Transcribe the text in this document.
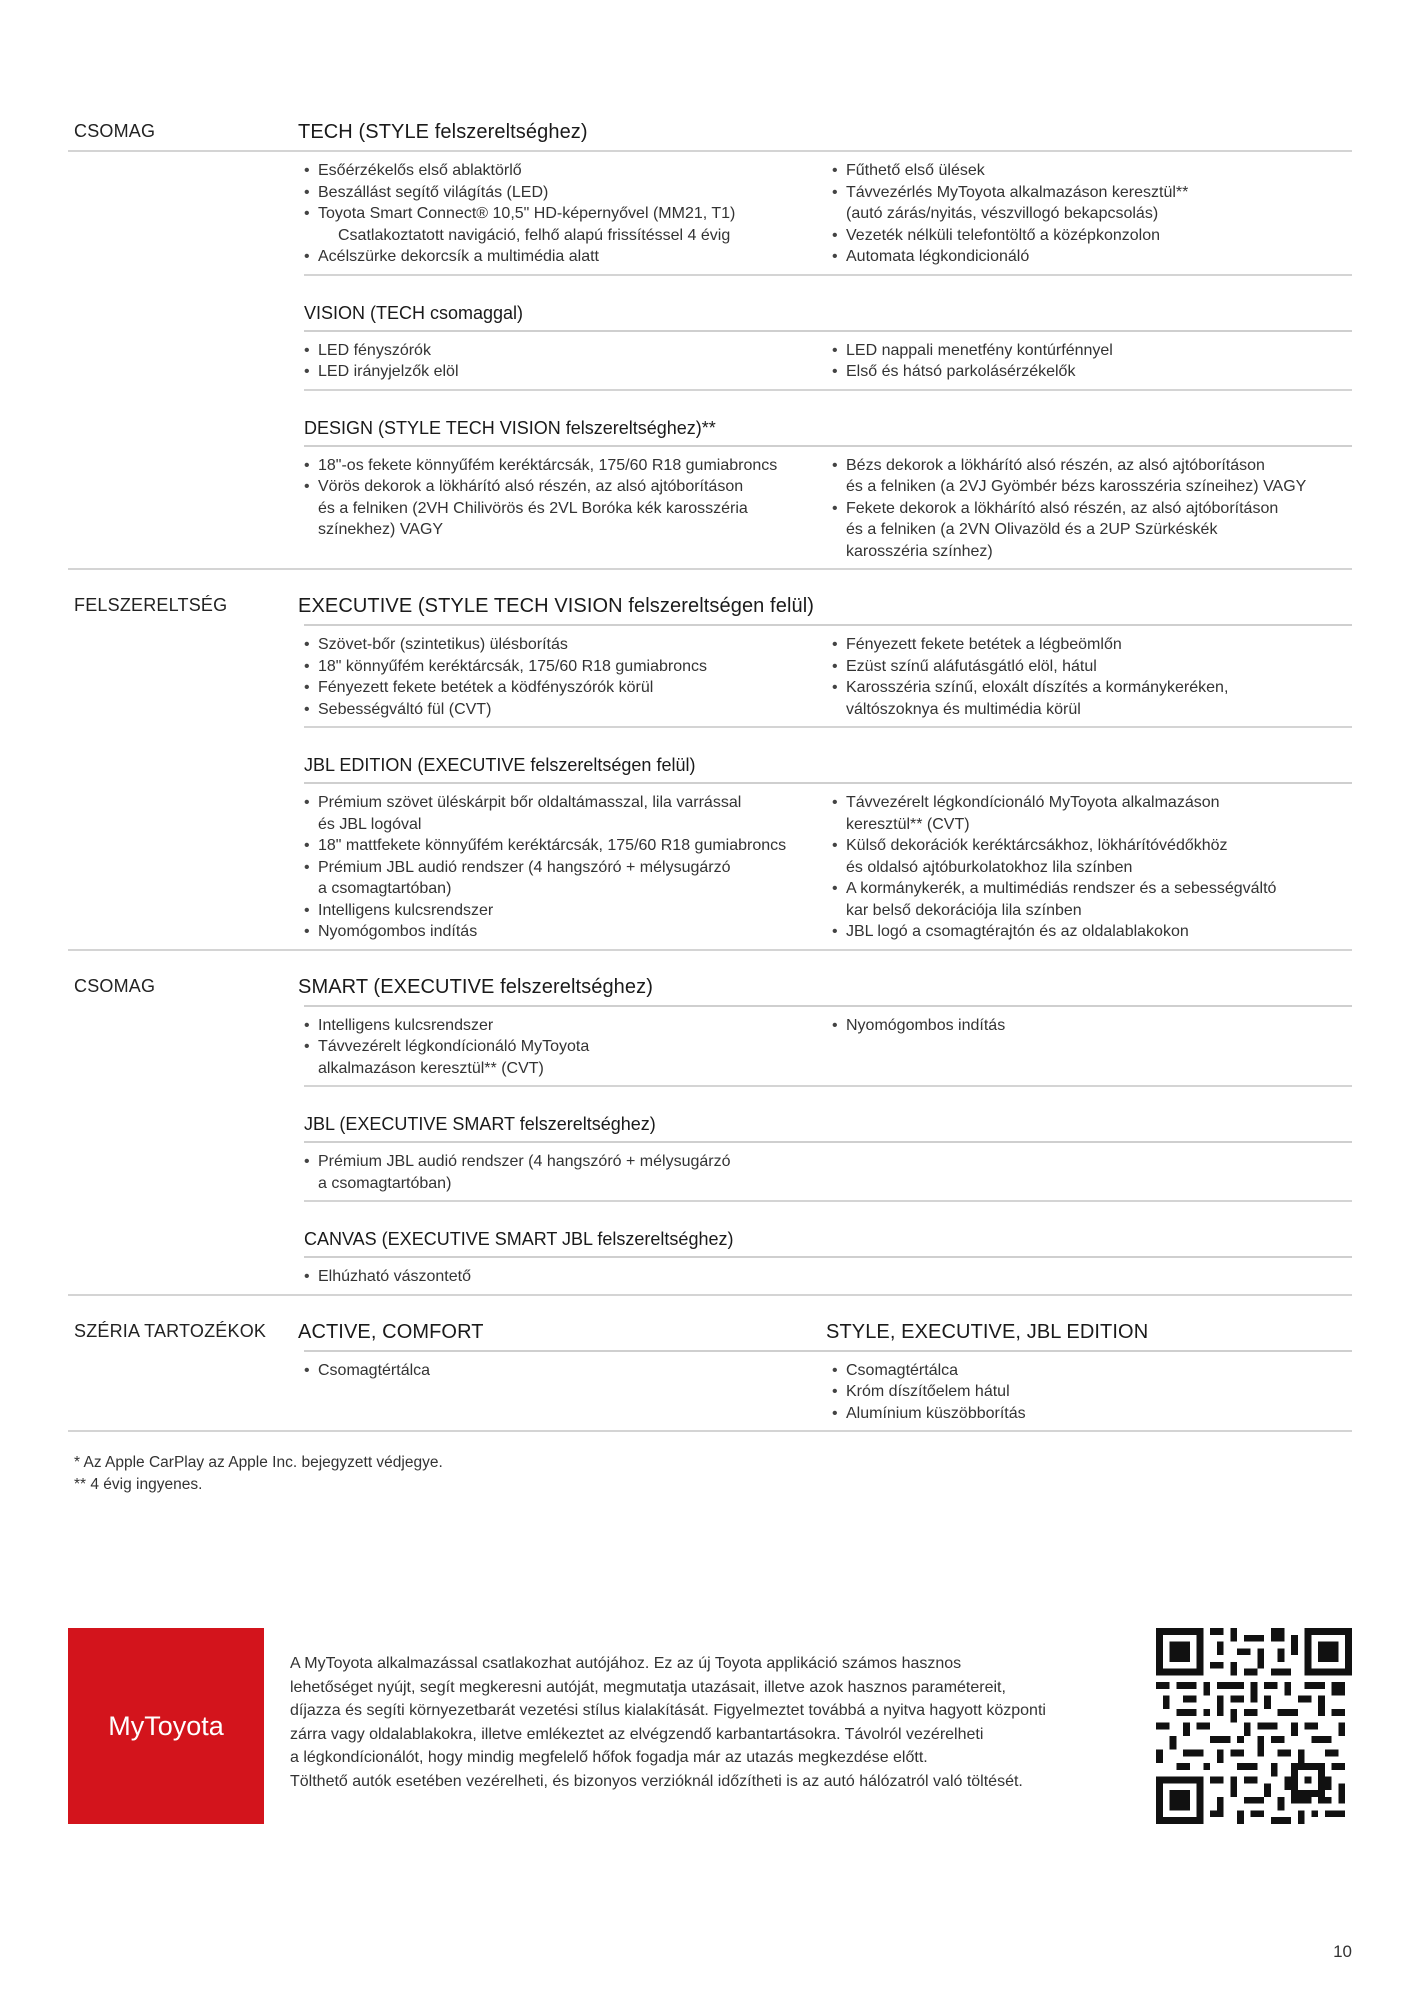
CSOMAG	TECH (STYLE felszereltséghez)
• Esőérzékelős első ablaktörlő
• Beszállást segítő világítás (LED)
• Toyota Smart Connect® 10,5" HD-képernyővel (MM21, T1)
Csatlakoztatott navigáció, felhő alapú frissítéssel 4 évig
• Acélszürke dekorcsík a multimédia alatt
• Fűthető első ülések
• Távvezérlés MyToyota alkalmazáson keresztül**
(autó zárás/nyitás, vészvillogó bekapcsolás)
• Vezeték nélküli telefontöltő a középkonzolon
• Automata légkondicionáló
VISION (TECH csomaggal)
• LED fényszórók
• LED irányjelzők elöl
• LED nappali menetfény kontúrfénnyel
• Első és hátsó parkolásérzékelők
DESIGN (STYLE TECH VISION felszereltséghez)**
• 18"-os fekete könnyűfém keréktárcsák, 175/60 R18 gumiabroncs
• Vörös dekorok a lökhárító alsó részén, az alsó ajtóborításon
és a felniken (2VH Chilivörös és 2VL Boróka kék karosszéria
színekhez) VAGY
• Bézs dekorok a lökhárító alsó részén, az alsó ajtóborításon
és a felniken (a 2VJ Gyömbér bézs karosszéria színeihez) VAGY
• Fekete dekorok a lökhárító alsó részén, az alsó ajtóborításon
és a felniken (a 2VN Olivazöld és a 2UP Szürkéskék
karosszéria színhez)
FELSZERELTSÉG	EXECUTIVE (STYLE TECH VISION felszereltségen felül)
• Szövet-bőr (szintetikus) ülésborítás
• 18" könnyűfém keréktárcsák, 175/60 R18 gumiabroncs
• Fényezett fekete betétek a ködfényszórók körül
• Sebességváltó fül (CVT)
• Fényezett fekete betétek a légbeömlőn
• Ezüst színű aláfutásgátló elöl, hátul
• Karosszéria színű, eloxált díszítés a kormánykeréken,
váltószoknya és multimédia körül
JBL EDITION (EXECUTIVE felszereltségen felül)
• Prémium szövet üléskárpit bőr oldaltámasszal, lila varrással
és JBL logóval
• 18" mattfekete könnyűfém keréktárcsák, 175/60 R18 gumiabroncs
• Prémium JBL audió rendszer (4 hangszóró + mélysugárzó
a csomagtartóban)
• Intelligens kulcsrendszer
• Nyomógombos indítás
• Távvezérelt légkondícionáló MyToyota alkalmazáson
keresztül** (CVT)
• Külső dekorációk keréktárcsákhoz, lökhárítóvédőkhöz
és oldalsó ajtóburkolatokhoz lila színben
• A kormánykerék, a multimédiás rendszer és a sebességváltó
kar belső dekorációja lila színben
• JBL logó a csomagtérajtón és az oldalablakokon
CSOMAG	SMART (EXECUTIVE felszereltséghez)
• Intelligens kulcsrendszer
• Távvezérelt légkondícionáló MyToyota
alkalmazáson keresztül** (CVT)
• Nyomógombos indítás
JBL (EXECUTIVE SMART felszereltséghez)
• Prémium JBL audió rendszer (4 hangszóró + mélysugárzó
a csomagtartóban)
CANVAS (EXECUTIVE SMART JBL felszereltséghez)
• Elhúzható vászontető
SZÉRIA TARTOZÉKOK	ACTIVE, COMFORT	STYLE, EXECUTIVE, JBL EDITION
• Csomagtértálca
•	Csomagtértálca
• Króm díszítőelem hátul
• Alumínium küszöbborítás
* Az Apple CarPlay az Apple Inc. bejegyzett védjegye.
** 4 évig ingyenes.
MyToyota
A MyToyota alkalmazással csatlakozhat autójához. Ez az új Toyota applikáció számos hasznos
lehetőséget nyújt, segít megkeresni autóját, megmutatja utazásait, illetve azok hasznos paramétereit,
díjazza és segíti környezetbarát vezetési stílus kialakítását. Figyelmeztet továbbá a nyitva hagyott központi
zárra vagy oldalablakokra, illetve emlékeztet az elvégzendő karbantartásokra. Távolról vezérelheti
a légkondícionálót, hogy mindig megfelelő hőfok fogadja már az utazás megkezdése előtt.
Tölthető autók esetében vezérelheti, és bizonyos verzióknál időzítheti is az autó hálózatról való töltését.
10
